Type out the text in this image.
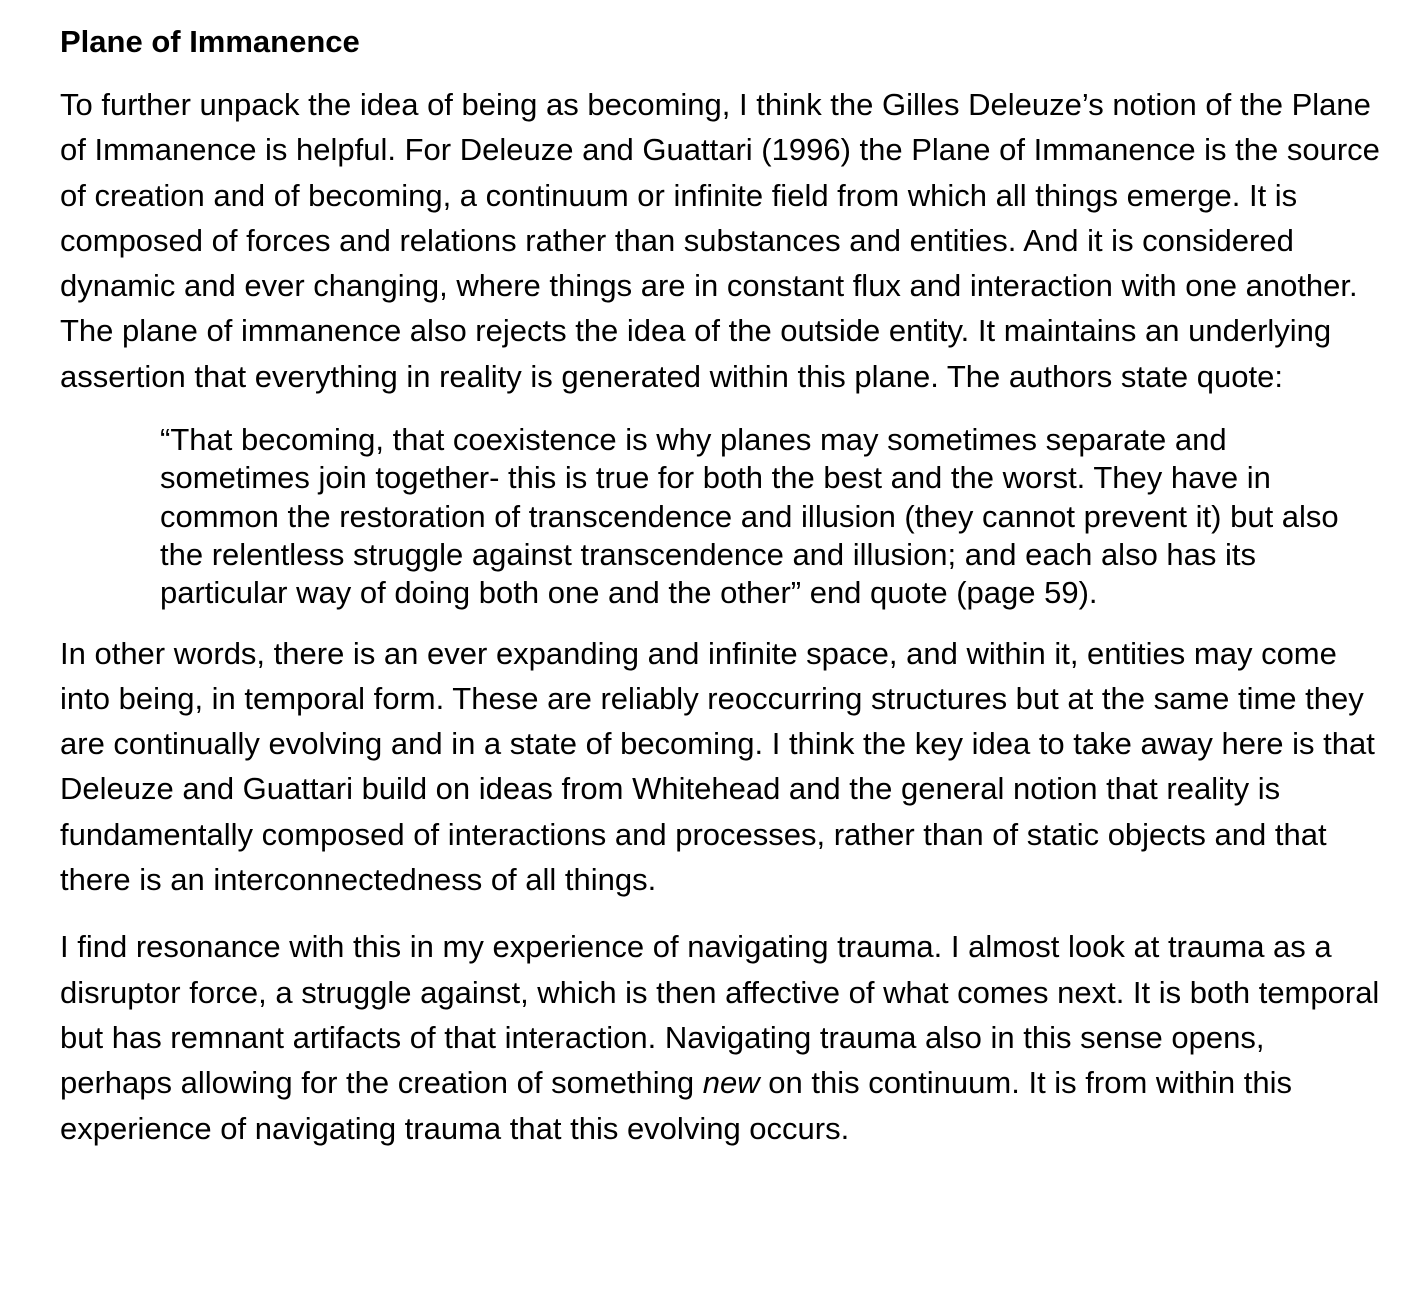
Plane of Immanence

To further unpack the idea of being as becoming, I think the Gilles Deleuze’s notion of the Plane of Immanence is helpful. For Deleuze and Guattari (1996) the Plane of Immanence is the source of creation and of becoming, a continuum or infinite field from which all things emerge. It is composed of forces and relations rather than substances and entities. And it is considered dynamic and ever changing, where things are in constant flux and interaction with one another. The plane of immanence also rejects the idea of the outside entity. It maintains an underlying assertion that everything in reality is generated within this plane. The authors state quote:

“That becoming, that coexistence is why planes may sometimes separate and sometimes join together- this is true for both the best and the worst. They have in common the restoration of transcendence and illusion (they cannot prevent it) but also the relentless struggle against transcendence and illusion; and each also has its particular way of doing both one and the other” end quote (page 59).

In other words, there is an ever expanding and infinite space, and within it, entities may come into being, in temporal form. These are reliably reoccurring structures but at the same time they are continually evolving and in a state of becoming. I think the key idea to take away here is that Deleuze and Guattari build on ideas from Whitehead and the general notion that reality is fundamentally composed of interactions and processes, rather than of static objects and that there is an interconnectedness of all things.

I find resonance with this in my experience of navigating trauma. I almost look at trauma as a disruptor force, a struggle against, which is then affective of what comes next. It is both temporal but has remnant artifacts of that interaction. Navigating trauma also in this sense opens, perhaps allowing for the creation of something new on this continuum. It is from within this experience of navigating trauma that this evolving occurs.
